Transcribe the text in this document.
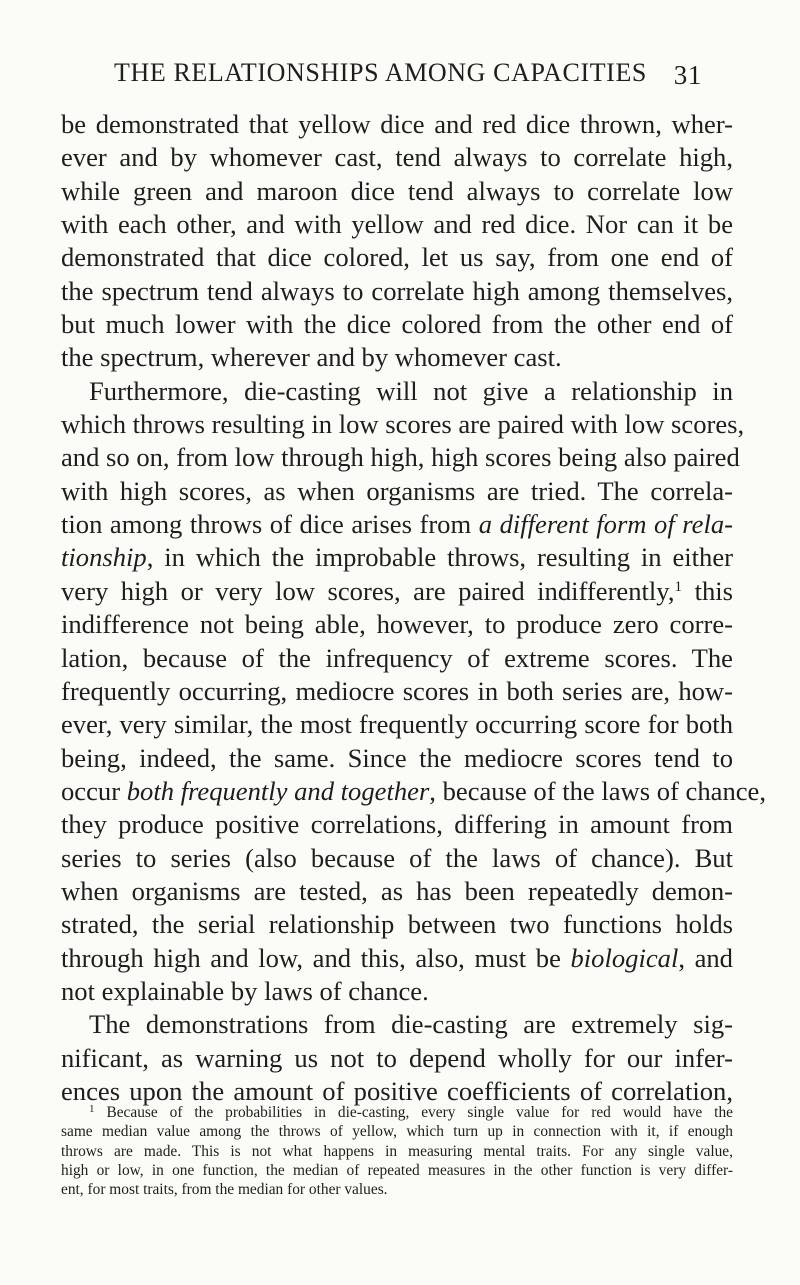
THE RELATIONSHIPS AMONG CAPACITIES 31
be demonstrated that yellow dice and red dice thrown, wher-
ever and by whomever cast, tend always to correlate high,
while green and maroon dice tend always to correlate low
with each other, and with yellow and red dice. Nor can it be
demonstrated that dice colored, let us say, from one end of
the spectrum tend always to correlate high among themselves,
but much lower with the dice colored from the other end of
the spectrum, wherever and by whomever cast.
Furthermore, die-casting will not give a relationship in
which throws resulting in low scores are paired with low scores,
and so on, from low through high, high scores being also paired
with high scores, as when organisms are tried. The correla-
tion among throws of dice arises from a different form of rela-
tionship, in which the improbable throws, resulting in either
very high or very low scores, are paired indifferently,$^1$ this
indifference not being able, however, to produce zero corre-
lation, because of the infrequency of extreme scores. The
frequently occurring, mediocre scores in both series are, how-
ever, very similar, the most frequently occurring score for both
being, indeed, the same. Since the mediocre scores tend to
occur both frequently and together, because of the laws of chance,
they produce positive correlations, differing in amount from
series to series (also because of the laws of chance). But
when organisms are tested, as has been repeatedly demon-
strated, the serial relationship between two functions holds
through high and low, and this, also, must be biological, and
not explainable by laws of chance.
The demonstrations from die-casting are extremely sig-
nificant, as warning us not to depend wholly for our infer-
ences upon the amount of positive coefficients of correlation,
$^1$ Because of the probabilities in die-casting, every single value for red would have the
same median value among the throws of yellow, which turn up in connection with it, if enough
throws are made. This is not what happens in measuring mental traits. For any single value,
high or low, in one function, the median of repeated measures in the other function is very differ-
ent, for most traits, from the median for other values.
